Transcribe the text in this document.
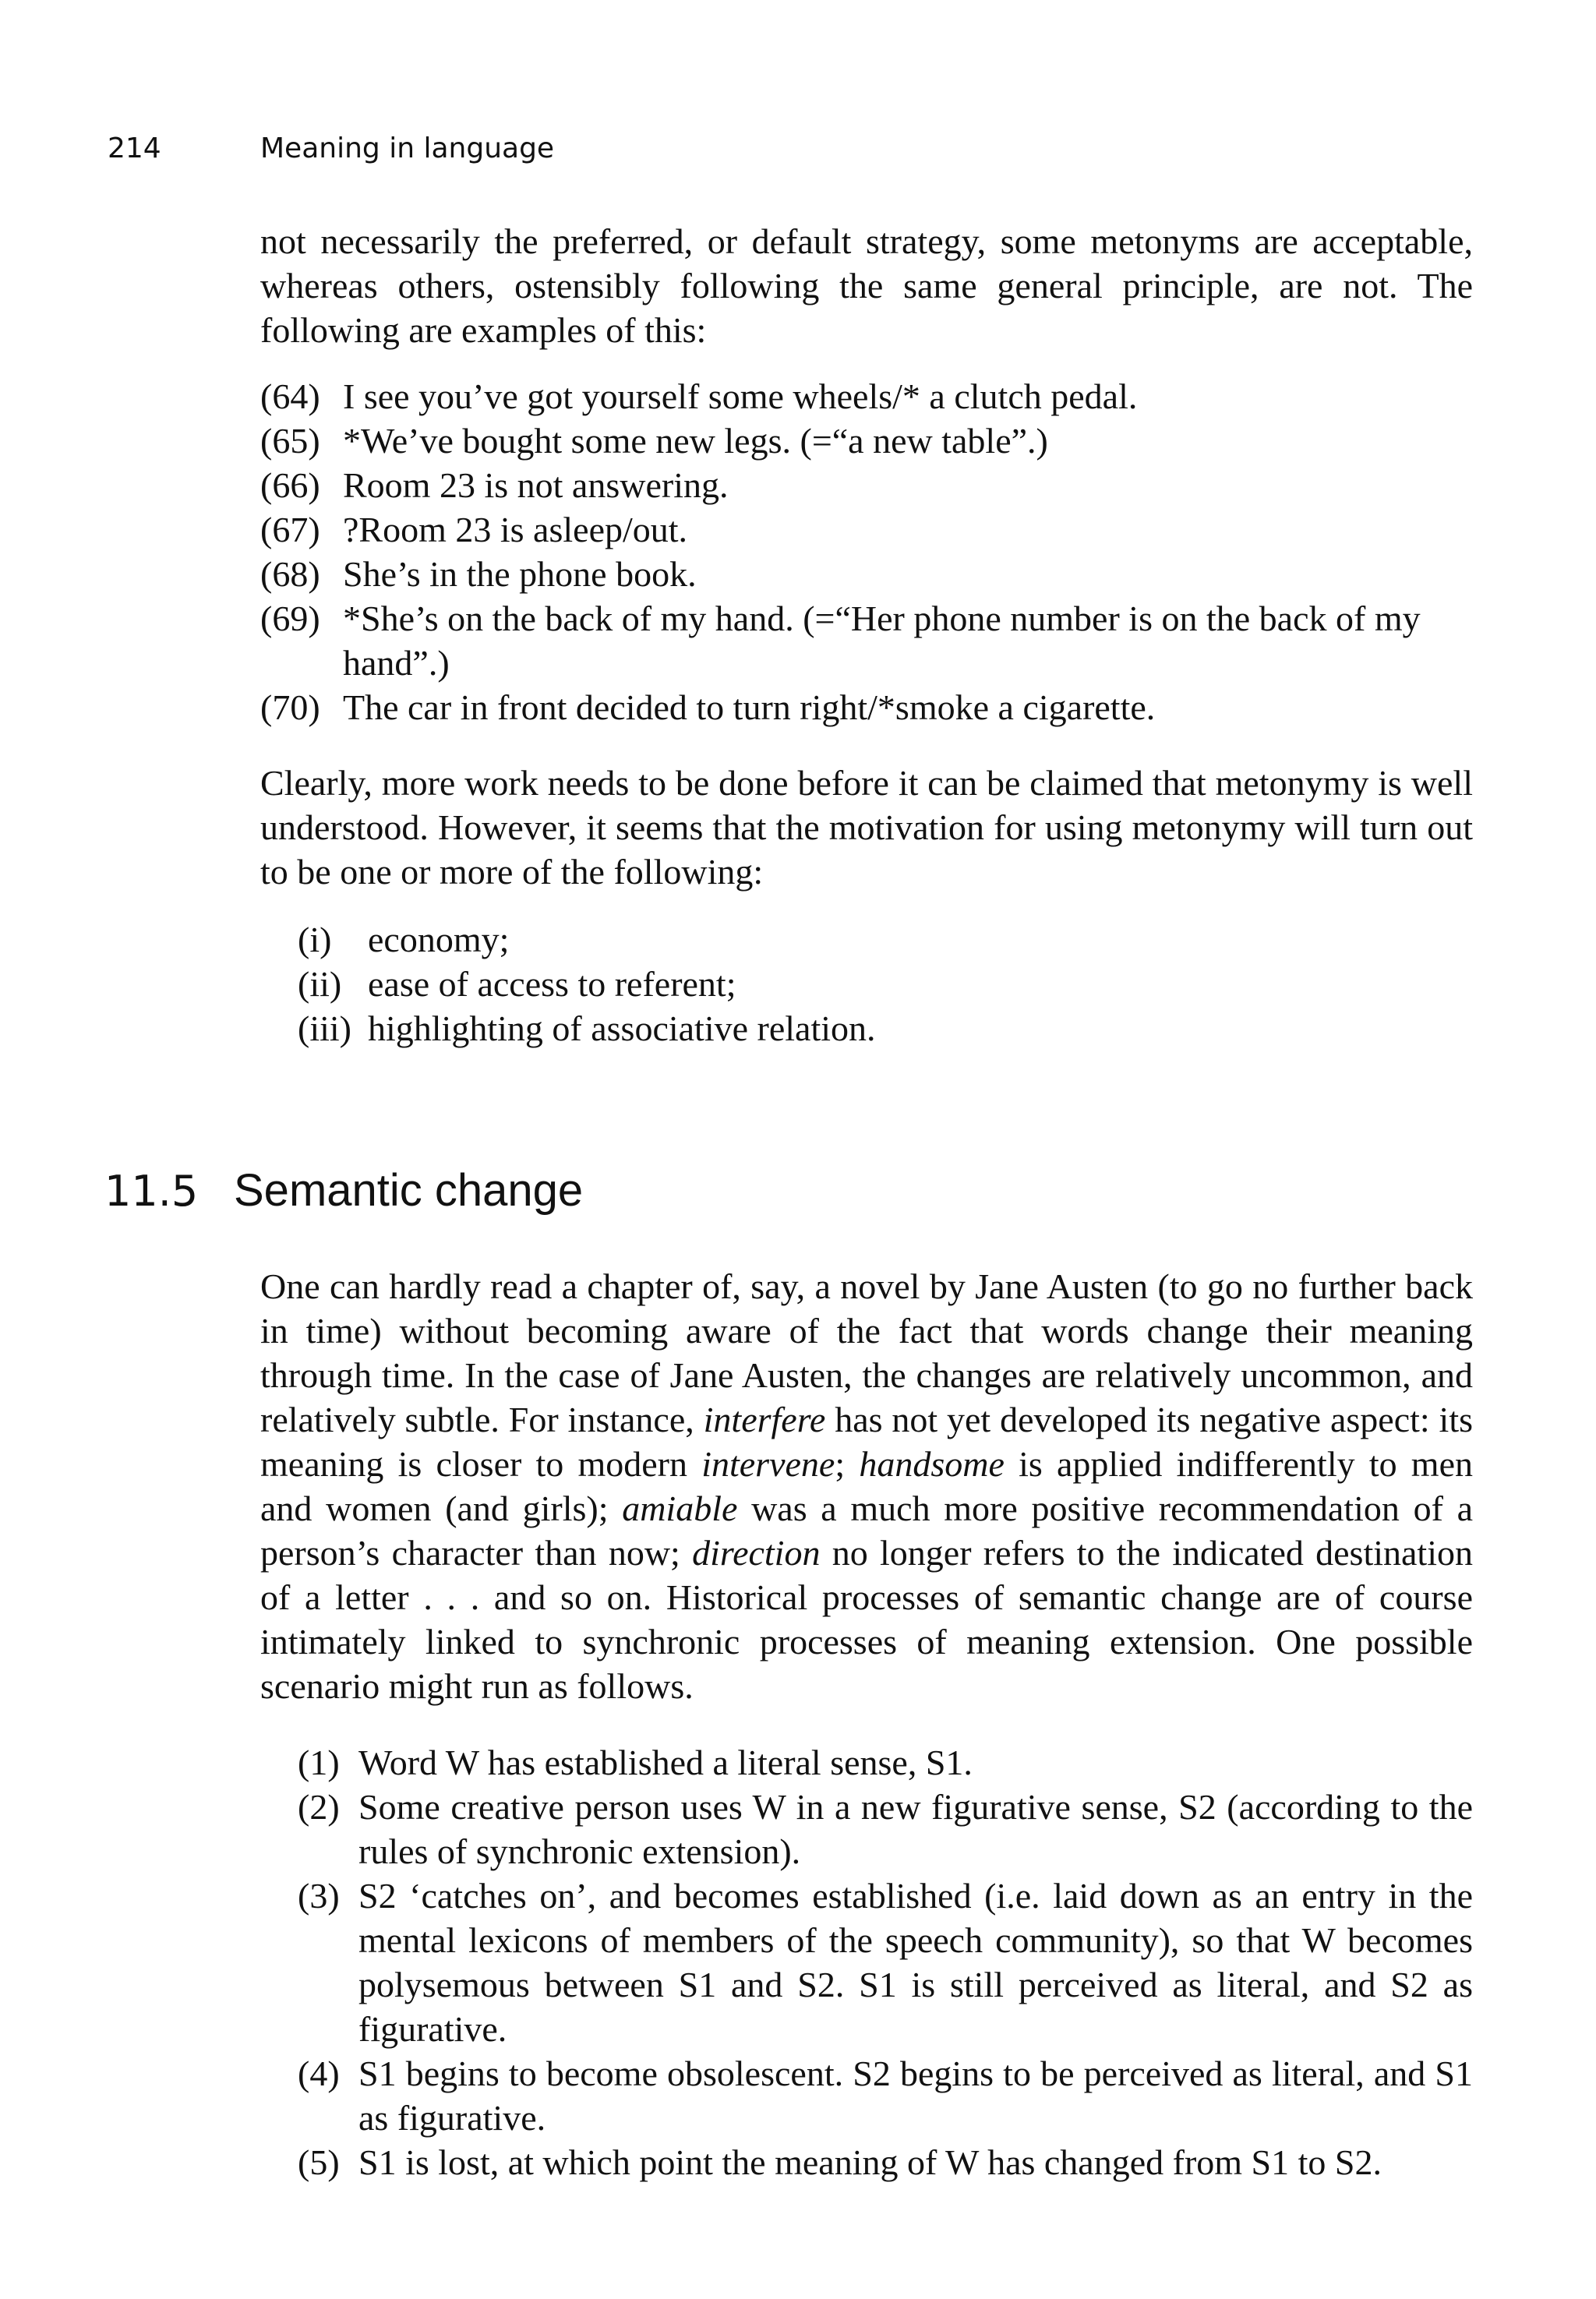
214	Meaning in language

not necessarily the preferred, or default strategy, some metonyms are acceptable, whereas others, ostensibly following the same general principle, are not. The following are examples of this:

(64) I see you’ve got yourself some wheels/* a clutch pedal.
(65) *We’ve bought some new legs. (=“a new table”.)
(66) Room 23 is not answering.
(67) ?Room 23 is asleep/out.
(68) She’s in the phone book.
(69) *She’s on the back of my hand. (=“Her phone number is on the back of my hand”.)
(70) The car in front decided to turn right/*smoke a cigarette.

Clearly, more work needs to be done before it can be claimed that metonymy is well understood. However, it seems that the motivation for using metonymy will turn out to be one or more of the following:

(i) economy;
(ii) ease of access to referent;
(iii) highlighting of associative relation.
11.5 Semantic change

One can hardly read a chapter of, say, a novel by Jane Austen (to go no further back in time) without becoming aware of the fact that words change their meaning through time. In the case of Jane Austen, the changes are relatively uncommon, and relatively subtle. For instance, interfere has not yet developed its negative aspect: its meaning is closer to modern intervene; handsome is applied indifferently to men and women (and girls); amiable was a much more positive recommendation of a person’s character than now; direction no longer refers to the indicated destination of a letter . . . and so on. Historical processes of semantic change are of course intimately linked to synchronic processes of meaning extension. One possible scenario might run as follows.

(1) Word W has established a literal sense, S1.
(2) Some creative person uses W in a new figurative sense, S2 (according to the rules of synchronic extension).
(3) S2 ‘catches on’, and becomes established (i.e. laid down as an entry in the mental lexicons of members of the speech community), so that W becomes polysemous between S1 and S2. S1 is still perceived as literal, and S2 as figurative.
(4) S1 begins to become obsolescent. S2 begins to be perceived as literal, and S1 as figurative.
(5) S1 is lost, at which point the meaning of W has changed from S1 to S2.
